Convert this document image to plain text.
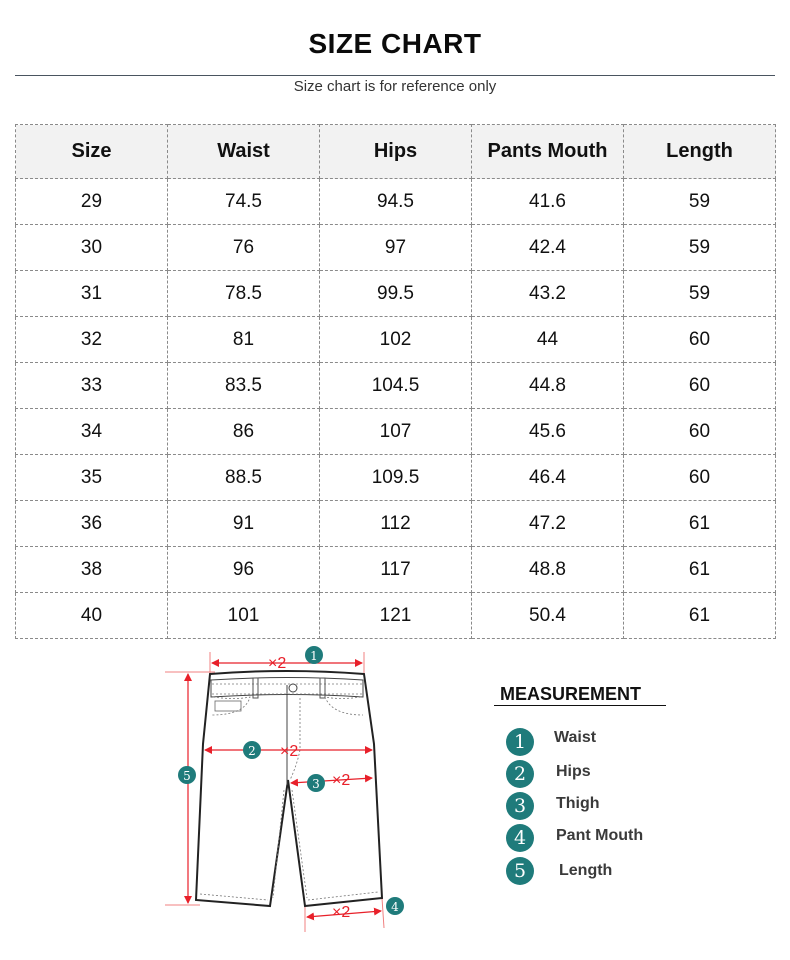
SIZE CHART
Size chart is for reference only
Size	Waist	Hips	Pants Mouth	Length
29	74.5	94.5	41.6	59
30	76	97	42.4	59
31	78.5	99.5	43.2	59
32	81	102	44	60
33	83.5	104.5	44.8	60
34	86	107	45.6	60
35	88.5	109.5	46.4	60
36	91	112	47.2	61
38	96	117	48.8	61
40	101	121	50.4	61
×2 1
2 ×2
3 ×2
×2	4
5
MEASUREMENT
1	Waist
2	Hips
3	Thigh
4	Pant Mouth
5	Length
